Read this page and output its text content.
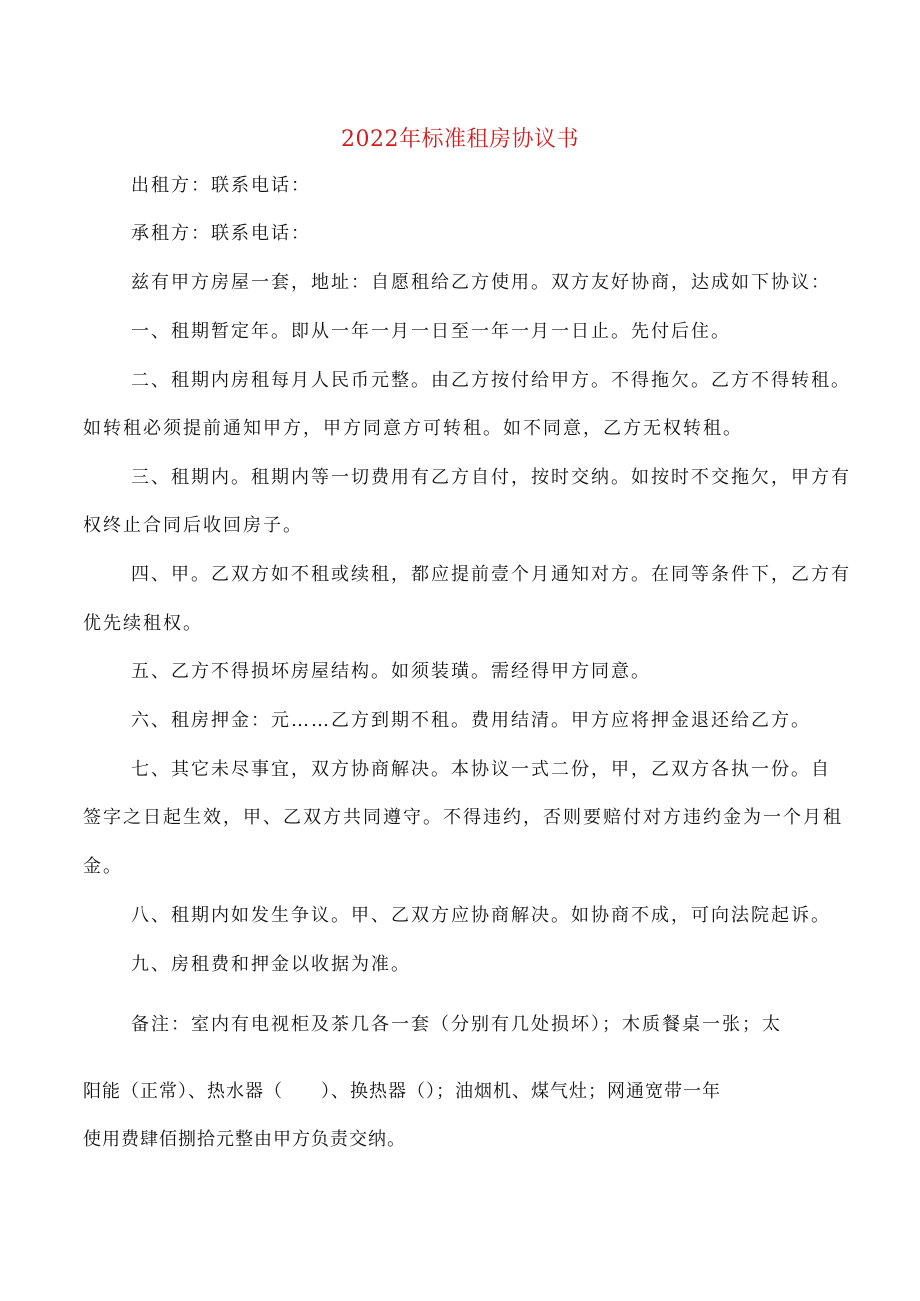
2022年标准租房协议书
出租方：联系电话：
承租方：联系电话：
兹有甲方房屋一套，地址：自愿租给乙方使用。双方友好协商，达成如下协议：
一、租期暂定年。即从一年一月一日至一年一月一日止。先付后住。
二、租期内房租每月人民币元整。由乙方按付给甲方。不得拖欠。乙方不得转租。
如转租必须提前通知甲方，甲方同意方可转租。如不同意，乙方无权转租。
三、租期内。租期内等一切费用有乙方自付，按时交纳。如按时不交拖欠，甲方有
权终止合同后收回房子。
四、甲。乙双方如不租或续租，都应提前壹个月通知对方。在同等条件下，乙方有
优先续租权。
五、乙方不得损坏房屋结构。如须装璜。需经得甲方同意。
六、租房押金：元……乙方到期不租。费用结清。甲方应将押金退还给乙方。
七、其它未尽事宜，双方协商解决。本协议一式二份，甲，乙双方各执一份。自
签字之日起生效，甲、乙双方共同遵守。不得违约，否则要赔付对方违约金为一个月租
金。
八、租期内如发生争议。甲、乙双方应协商解决。如协商不成，可向法院起诉。
九、房租费和押金以收据为准。
备注：室内有电视柜及茶几各一套（分别有几处损坏）；木质餐桌一张；太
阳能（正常）、热水器（　　）、换热器（）；油烟机、煤气灶；网通宽带一年
使用费肆佰捌拾元整由甲方负责交纳。
